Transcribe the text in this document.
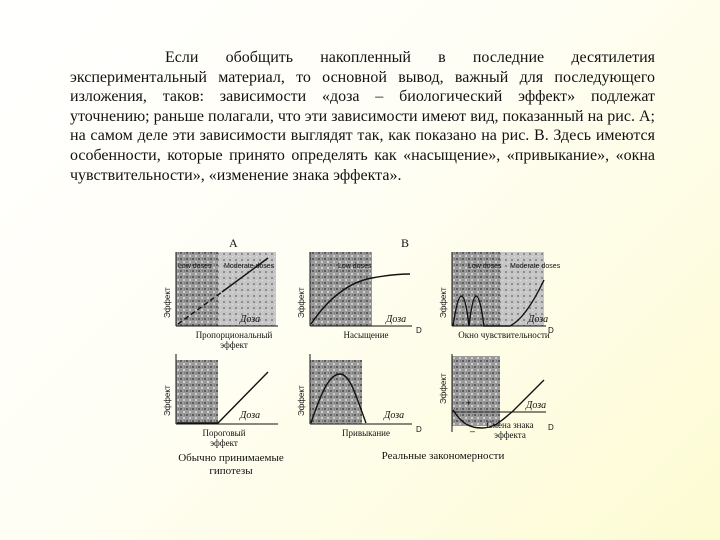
Если обобщить накопленный в последние десятилетия экспериментальный материал, то основной вывод, важный для последующего изложения, таков: зависимости «доза – биологический эффект» подлежат уточнению; раньше полагали, что эти зависимости имеют вид, показанный на рис. А; на самом деле эти зависимости выглядят так, как показано на рис. В. Здесь имеются особенности, которые принято определять как «насыщение», «привыкание», «окна чувствительности», «изменение знака эффекта».

А	В
Low doses Moderate doses
Доза
Эффект
Low doses
Доза
D
Эффект
Low doses Moderate doses
Доза
D
Эффект
Доза
Эффект	Доза
D
Эффект	+
–
Доза
D
Эффект
Пропорциональный эффект
Насыщение	Окно чувствительности
Пороговый эффект
Привыкание
Смена знака эффекта
Обычно принимаемые гипотезы
Реальные закономерности
